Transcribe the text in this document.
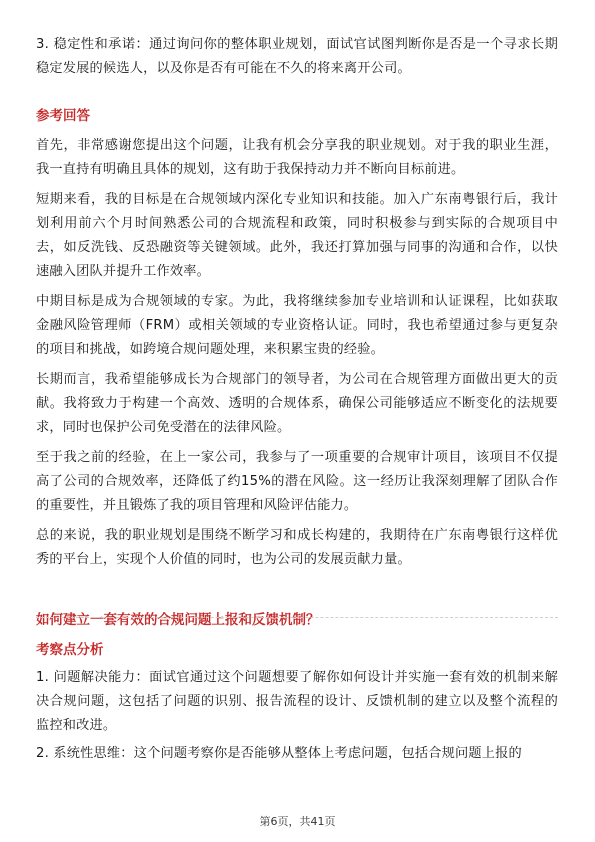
3. 稳定性和承诺：通过询问你的整体职业规划，面试官试图判断你是否是一个寻求长期稳定发展的候选人，以及你是否有可能在不久的将来离开公司。

参考回答

首先，非常感谢您提出这个问题，让我有机会分享我的职业规划。对于我的职业生涯，我一直持有明确且具体的规划，这有助于我保持动力并不断向目标前进。

短期来看，我的目标是在合规领域内深化专业知识和技能。加入广东南粤银行后，我计划利用前六个月时间熟悉公司的合规流程和政策，同时积极参与到实际的合规项目中去，如反洗钱、反恐融资等关键领域。此外，我还打算加强与同事的沟通和合作，以快速融入团队并提升工作效率。

中期目标是成为合规领域的专家。为此，我将继续参加专业培训和认证课程，比如获取金融风险管理师（FRM）或相关领域的专业资格认证。同时，我也希望通过参与更复杂的项目和挑战，如跨境合规问题处理，来积累宝贵的经验。

长期而言，我希望能够成长为合规部门的领导者，为公司在合规管理方面做出更大的贡献。我将致力于构建一个高效、透明的合规体系，确保公司能够适应不断变化的法规要求，同时也保护公司免受潜在的法律风险。

至于我之前的经验，在上一家公司，我参与了一项重要的合规审计项目，该项目不仅提高了公司的合规效率，还降低了约15%的潜在风险。这一经历让我深刻理解了团队合作的重要性，并且锻炼了我的项目管理和风险评估能力。

总的来说，我的职业规划是围绕不断学习和成长构建的，我期待在广东南粤银行这样优秀的平台上，实现个人价值的同时，也为公司的发展贡献力量。

如何建立一套有效的合规问题上报和反馈机制？

考察点分析

1. 问题解决能力：面试官通过这个问题想要了解你如何设计并实施一套有效的机制来解决合规问题，这包括了问题的识别、报告流程的设计、反馈机制的建立以及整个流程的监控和改进。

2. 系统性思维：这个问题考察你是否能够从整体上考虑问题，包括合规问题上报的

第6页，共41页
